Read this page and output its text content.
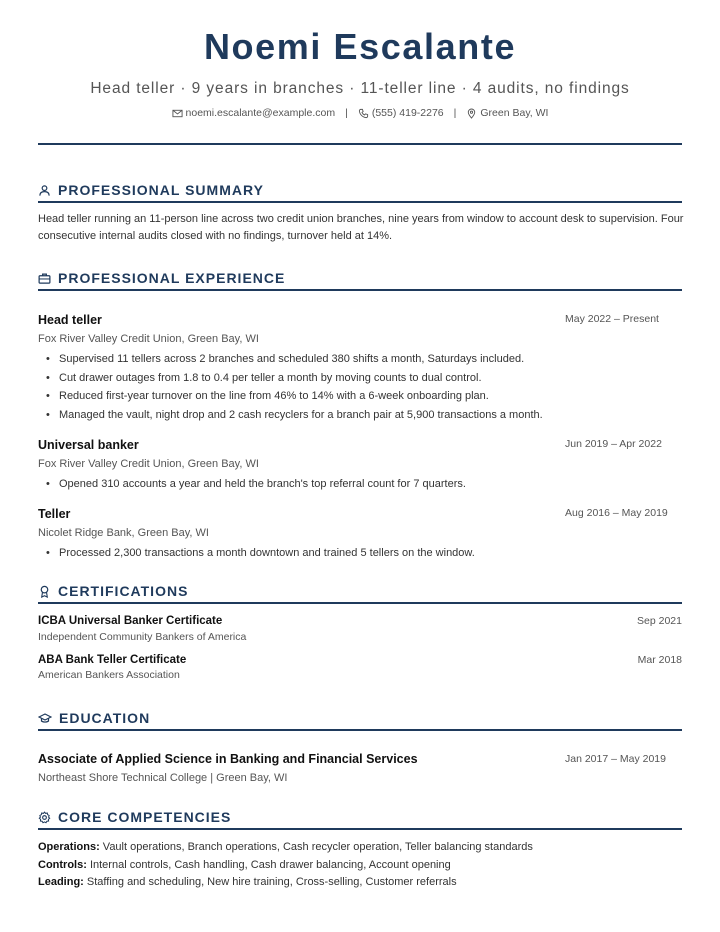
Noemi Escalante
Head teller · 9 years in branches · 11-teller line · 4 audits, no findings
noemi.escalante@example.com | (555) 419-2276 | Green Bay, WI
PROFESSIONAL SUMMARY
Head teller running an 11-person line across two credit union branches, nine years from window to account desk to supervision. Four consecutive internal audits closed with no findings, turnover held at 14%.
PROFESSIONAL EXPERIENCE
Head teller	May 2022 – Present
Fox River Valley Credit Union, Green Bay, WI
• Supervised 11 tellers across 2 branches and scheduled 380 shifts a month, Saturdays included.
• Cut drawer outages from 1.8 to 0.4 per teller a month by moving counts to dual control.
• Reduced first-year turnover on the line from 46% to 14% with a 6-week onboarding plan.
• Managed the vault, night drop and 2 cash recyclers for a branch pair at 5,900 transactions a month.
Universal banker	Jun 2019 – Apr 2022
Fox River Valley Credit Union, Green Bay, WI
• Opened 310 accounts a year and held the branch's top referral count for 7 quarters.
Teller	Aug 2016 – May 2019
Nicolet Ridge Bank, Green Bay, WI
• Processed 2,300 transactions a month downtown and trained 5 tellers on the window.
CERTIFICATIONS
ICBA Universal Banker Certificate	Sep 2021
Independent Community Bankers of America
ABA Bank Teller Certificate	Mar 2018
American Bankers Association
EDUCATION
Associate of Applied Science in Banking and Financial Services	Jan 2017 – May 2019
Northeast Shore Technical College | Green Bay, WI
CORE COMPETENCIES
Operations: Vault operations, Branch operations, Cash recycler operation, Teller balancing standards
Controls: Internal controls, Cash handling, Cash drawer balancing, Account opening
Leading: Staffing and scheduling, New hire training, Cross-selling, Customer referrals
